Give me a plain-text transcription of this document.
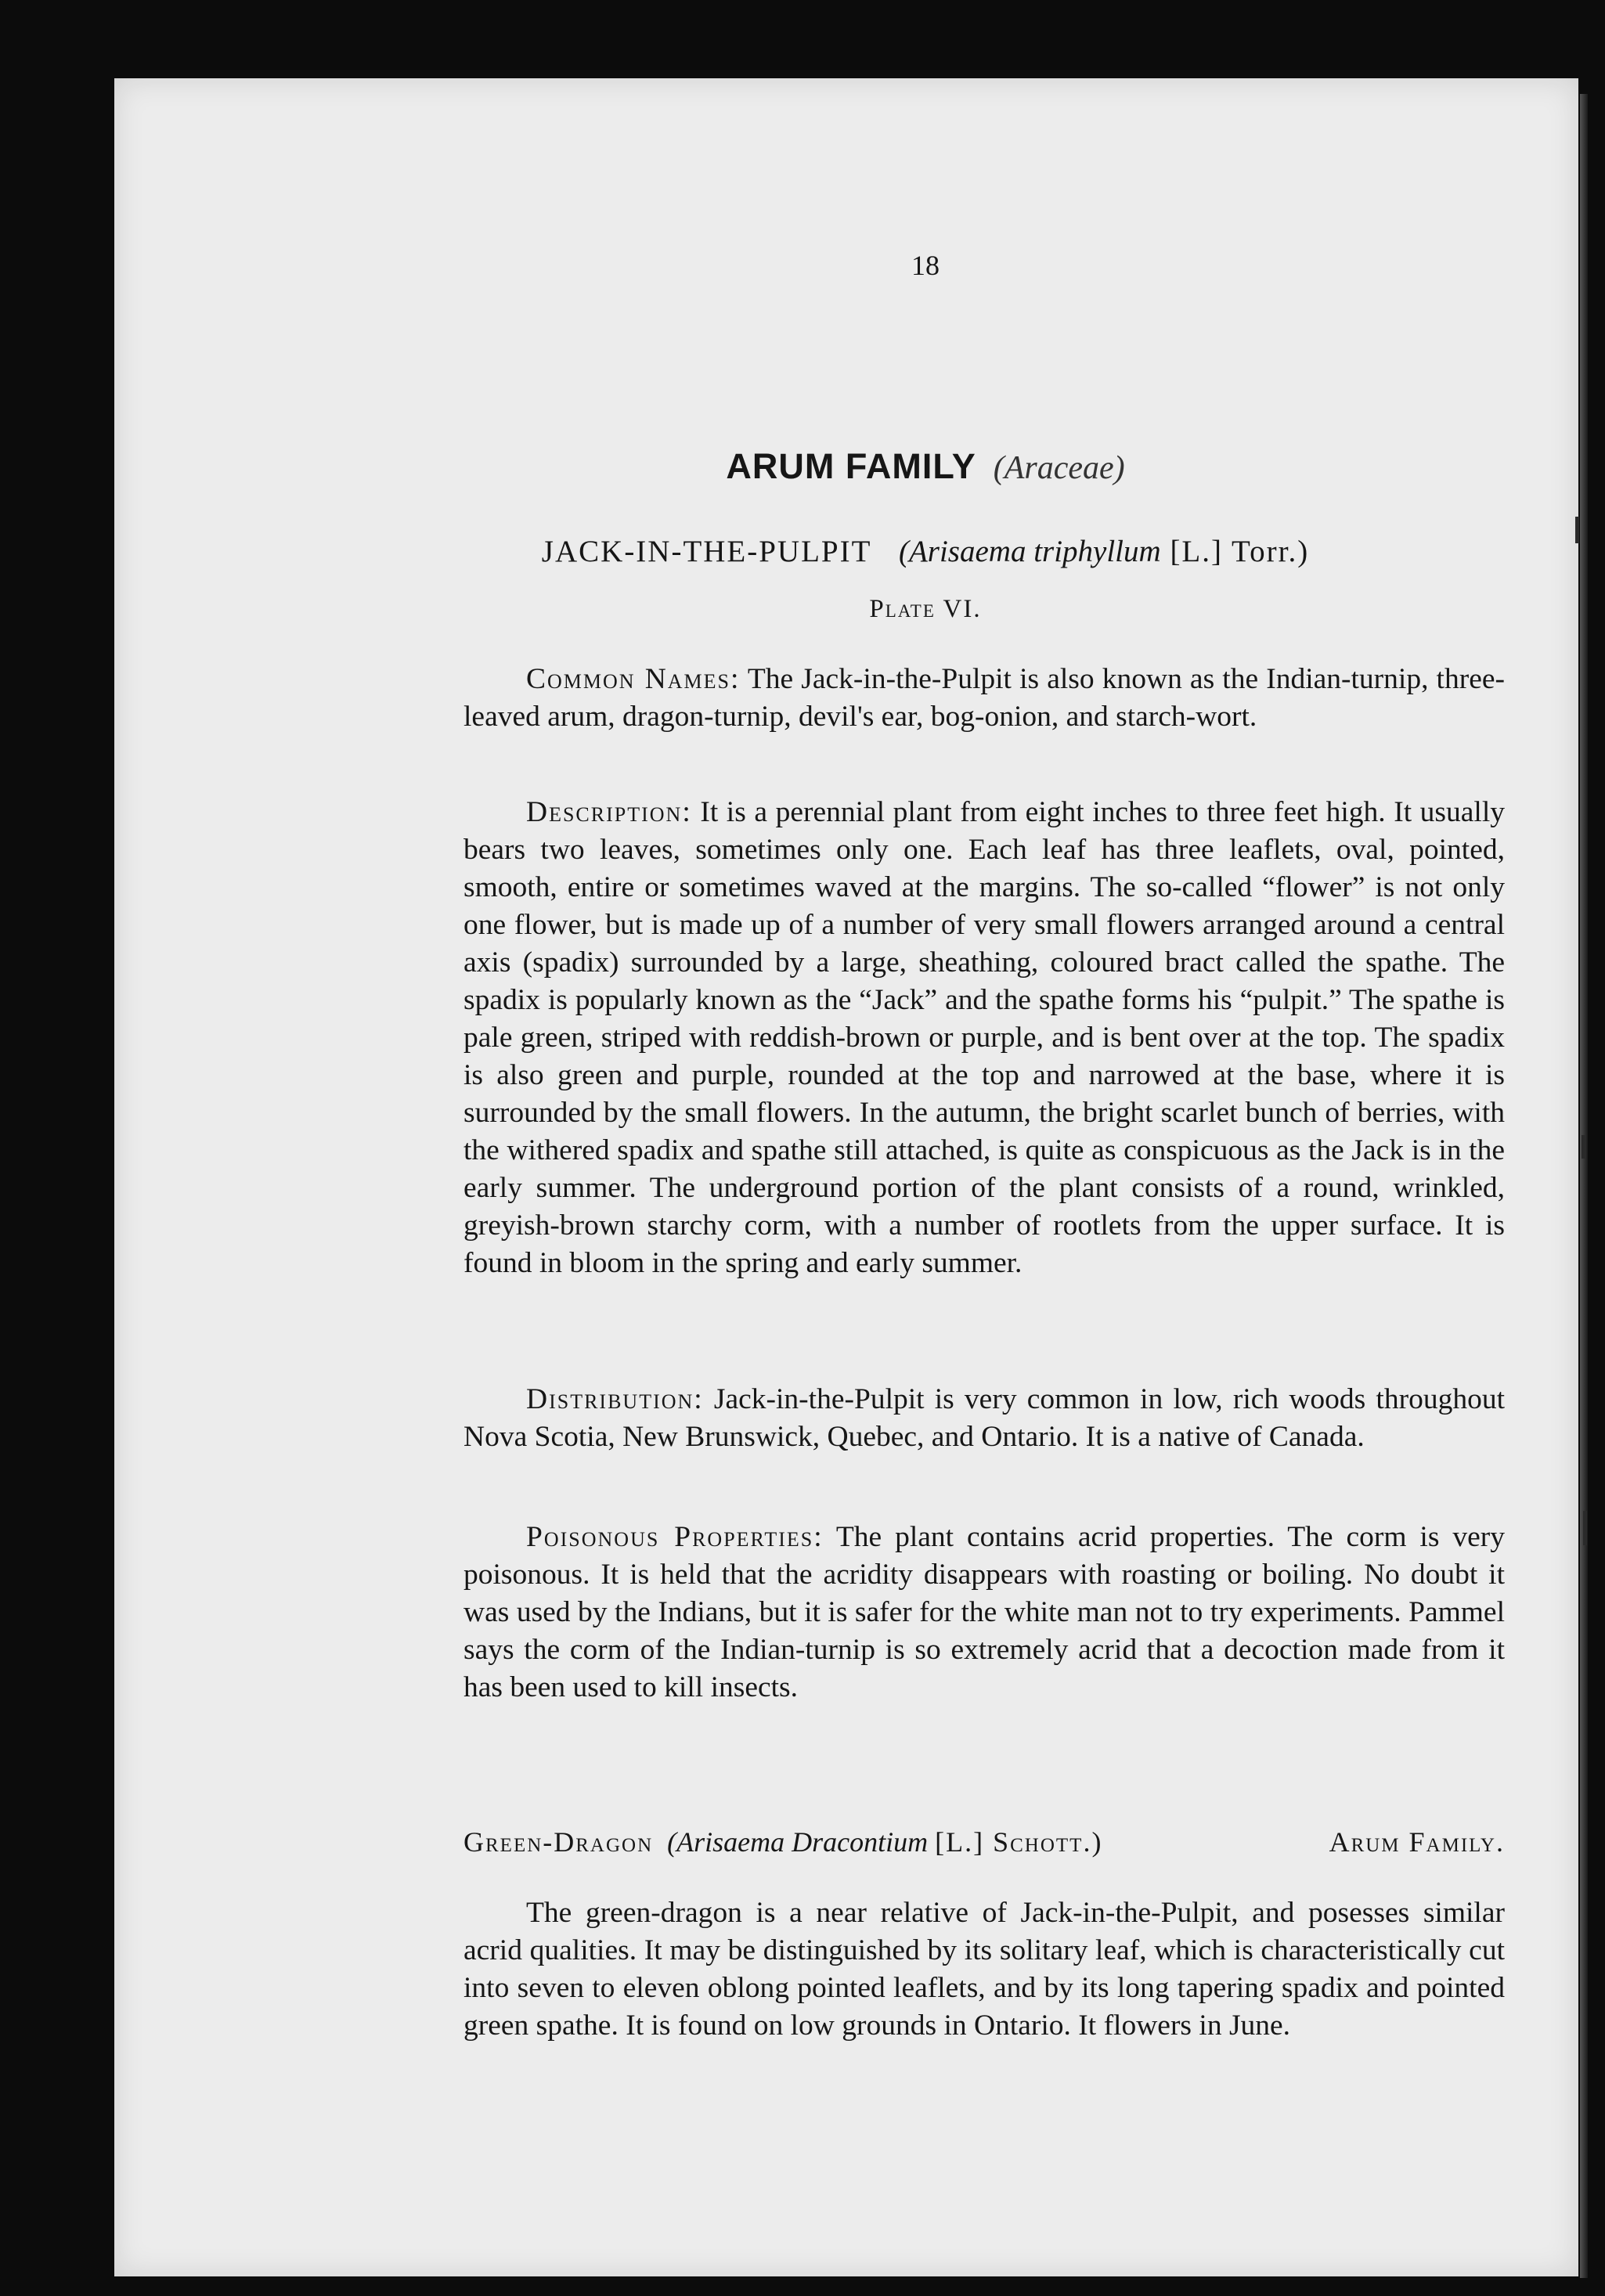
18
ARUM FAMILY (Araceae)
JACK-IN-THE-PULPIT (Arisaema triphyllum [L.] Torr.)
Plate VI.
Common Names: The Jack-in-the-Pulpit is also known as the Indian-turnip, three-leaved arum, dragon-turnip, devil's ear, bog-onion, and starch-wort.
Description: It is a perennial plant from eight inches to three feet high. It usually bears two leaves, sometimes only one. Each leaf has three leaflets, oval, pointed, smooth, entire or sometimes waved at the margins. The so-called “flower” is not only one flower, but is made up of a number of very small flowers arranged around a central axis (spadix) surrounded by a large, sheathing, coloured bract called the spathe. The spadix is popularly known as the “Jack” and the spathe forms his “pulpit.” The spathe is pale green, striped with reddish-brown or purple, and is bent over at the top. The spadix is also green and purple, rounded at the top and narrowed at the base, where it is surrounded by the small flowers. In the autumn, the bright scarlet bunch of berries, with the withered spadix and spathe still attached, is quite as conspicuous as the Jack is in the early summer. The underground portion of the plant consists of a round, wrinkled, greyish-brown starchy corm, with a number of rootlets from the upper surface. It is found in bloom in the spring and early summer.
Distribution: Jack-in-the-Pulpit is very common in low, rich woods throughout Nova Scotia, New Brunswick, Quebec, and Ontario. It is a native of Canada.
Poisonous Properties: The plant contains acrid properties. The corm is very poisonous. It is held that the acridity disappears with roasting or boiling. No doubt it was used by the Indians, but it is safer for the white man not to try experiments. Pammel says the corm of the Indian-turnip is so extremely acrid that a decoction made from it has been used to kill insects.
Green-Dragon (Arisaema Dracontium [L.] Schott.)	Arum Family.
The green-dragon is a near relative of Jack-in-the-Pulpit, and posesses similar acrid qualities. It may be distinguished by its solitary leaf, which is characteristically cut into seven to eleven oblong pointed leaflets, and by its long tapering spadix and pointed green spathe. It is found on low grounds in Ontario. It flowers in June.
